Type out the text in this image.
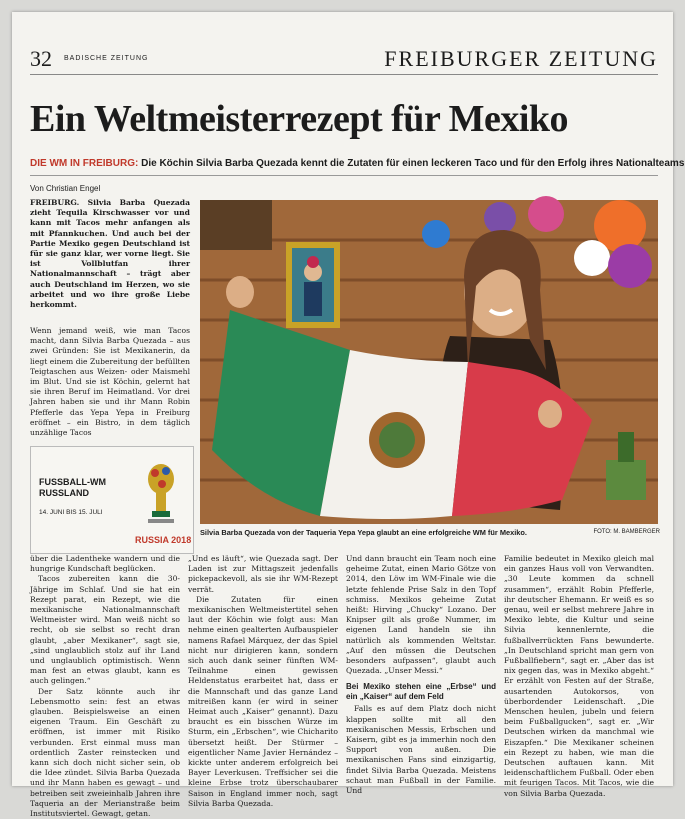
32 BADISCHE ZEITUNG	FREIBURGER ZEITUNG
Ein Weltmeisterrezept für Mexiko
DIE WM IN FREIBURG: Die Köchin Silvia Barba Quezada kennt die Zutaten für einen leckeren Taco und für den Erfolg ihres Nationalteams
Von Christian Engel

FREIBURG. Silvia Barba Quezada zieht Tequila Kirschwasser vor und kann mit Tacos mehr anfangen als mit Pfannkuchen. Und auch bei der Partie Mexiko gegen Deutschland ist für sie ganz klar, wer vorne liegt. Sie ist Vollblutfan ihrer Nationalmannschaft – trägt aber auch Deutschland im Herzen, wo sie arbeitet und wo ihre große Liebe herkommt.

Wenn jemand weiß, wie man Tacos macht, dann Silvia Barba Quezada – aus zwei Gründen: Sie ist Mexikanerin, da liegt einem die Zubereitung der befüllten Teigtaschen aus Weizen- oder Maismehl im Blut. Und sie ist Köchin, gelernt hat sie ihren Beruf im Heimatland. Vor drei Jahren haben sie und ihr Mann Robin Pfefferle das Yepa Yepa in Freiburg eröffnet – ein Bistro, in dem täglich unzählige Tacos

FUSSBALL-WM RUSSLAND
14. JUNI BIS 15. JULI
RUSSIA 2018
Silvia Barba Quezada von der Taqueria Yepa Yepa glaubt an eine erfolgreiche WM für Mexiko.	FOTO: M. BAMBERGER

über die Ladentheke wandern und die hungrige Kundschaft beglücken.

Tacos zubereiten kann die 30-Jährige im Schlaf. Und sie hat ein Rezept parat, ein Rezept, wie die mexikanische Nationalmannschaft Weltmeister wird. Man weiß nicht so recht, ob sie selbst so recht dran glaubt, „aber Mexikaner“, sagt sie, „sind unglaublich stolz auf ihr Land und unglaublich optimistisch. Wenn man fest an etwas glaubt, kann es auch gelingen.“

Der Satz könnte auch ihr Lebensmotto sein: fest an etwas glauben. Beispielsweise an einen eigenen Traum. Ein Geschäft zu eröffnen, ist immer mit Risiko verbunden. Erst einmal muss man ordentlich Zaster reinstecken und kann sich doch nicht sicher sein, ob die Idee zündet. Silvia Barba Quezada und ihr Mann haben es gewagt – und betreiben seit zweieinhalb Jahren ihre Taqueria an der Merianstraße beim Institutsviertel. Gewagt, getan.

„Und es läuft“, wie Quezada sagt. Der Laden ist zur Mittagszeit jedenfalls pickepackevoll, als sie ihr WM-Rezept verrät.

Die Zutaten für einen mexikanischen Weltmeistertitel sehen laut der Köchin wie folgt aus: Man nehme einen gealterten Aufbauspieler namens Rafael Márquez, der das Spiel nicht nur dirigieren kann, sondern sich auch dank seiner fünften WM-Teilnahme einen gewissen Heldenstatus erarbeitet hat, dass er die Mannschaft und das ganze Land mitreißen kann (er wird in seiner Heimat auch „Kaiser“ genannt). Dazu braucht es ein bisschen Würze im Sturm, ein „Erbschen“, wie Chicharito übersetzt heißt. Der Stürmer – eigentlicher Name Javier Hernández – kickte unter anderem erfolgreich bei Bayer Leverkusen. Treffsicher sei die kleine Erbse trotz überschaubarer Saison in England immer noch, sagt Silvia Barba Quezada.

Und dann braucht ein Team noch eine geheime Zutat, einen Mario Götze von 2014, den Löw im WM-Finale wie die letzte fehlende Prise Salz in den Topf schmiss. Mexikos geheime Zutat heißt: Hirving „Chucky“ Lozano. Der Knipser gilt als große Nummer, im eigenen Land handeln sie ihn natürlich als kommenden Weltstar. „Auf den müssen die Deutschen besonders aufpassen“, glaubt auch Quezada. „Unser Messi.“

Bei Mexiko stehen eine „Erbse“ und ein „Kaiser“ auf dem Feld

Falls es auf dem Platz doch nicht klappen sollte mit all den mexikanischen Messis, Erbschen und Kaisern, gibt es ja immerhin noch den Support von außen. Die mexikanischen Fans sind einzigartig, findet Silvia Barba Quezada. Meistens schaut man Fußball in der Familie. Und

Familie bedeutet in Mexiko gleich mal ein ganzes Haus voll von Verwandten. „30 Leute kommen da schnell zusammen“, erzählt Robin Pfefferle, ihr deutscher Ehemann. Er weiß es so genau, weil er selbst mehrere Jahre in Mexiko lebte, die Kultur und seine Silvia kennenlernte, die fußballverrückten Fans bewunderte. „In Deutschland spricht man gern von Fußballfiebern“, sagt er. „Aber das ist nix gegen das, was in Mexiko abgeht.“ Er erzählt von Festen auf der Straße, ausartenden Autokorsos, von überbordender Leidenschaft. „Die Menschen heulen, jubeln und feiern beim Fußballgucken“, sagt er. „Wir Deutschen wirken da manchmal wie Eiszapfen.“ Die Mexikaner scheinen ein Rezept zu haben, wie man die Deutschen auftauen kann. Mit leidenschaftlichem Fußball. Oder eben mit feurigen Tacos. Mit Tacos, wie die von Silvia Barba Quezada.
